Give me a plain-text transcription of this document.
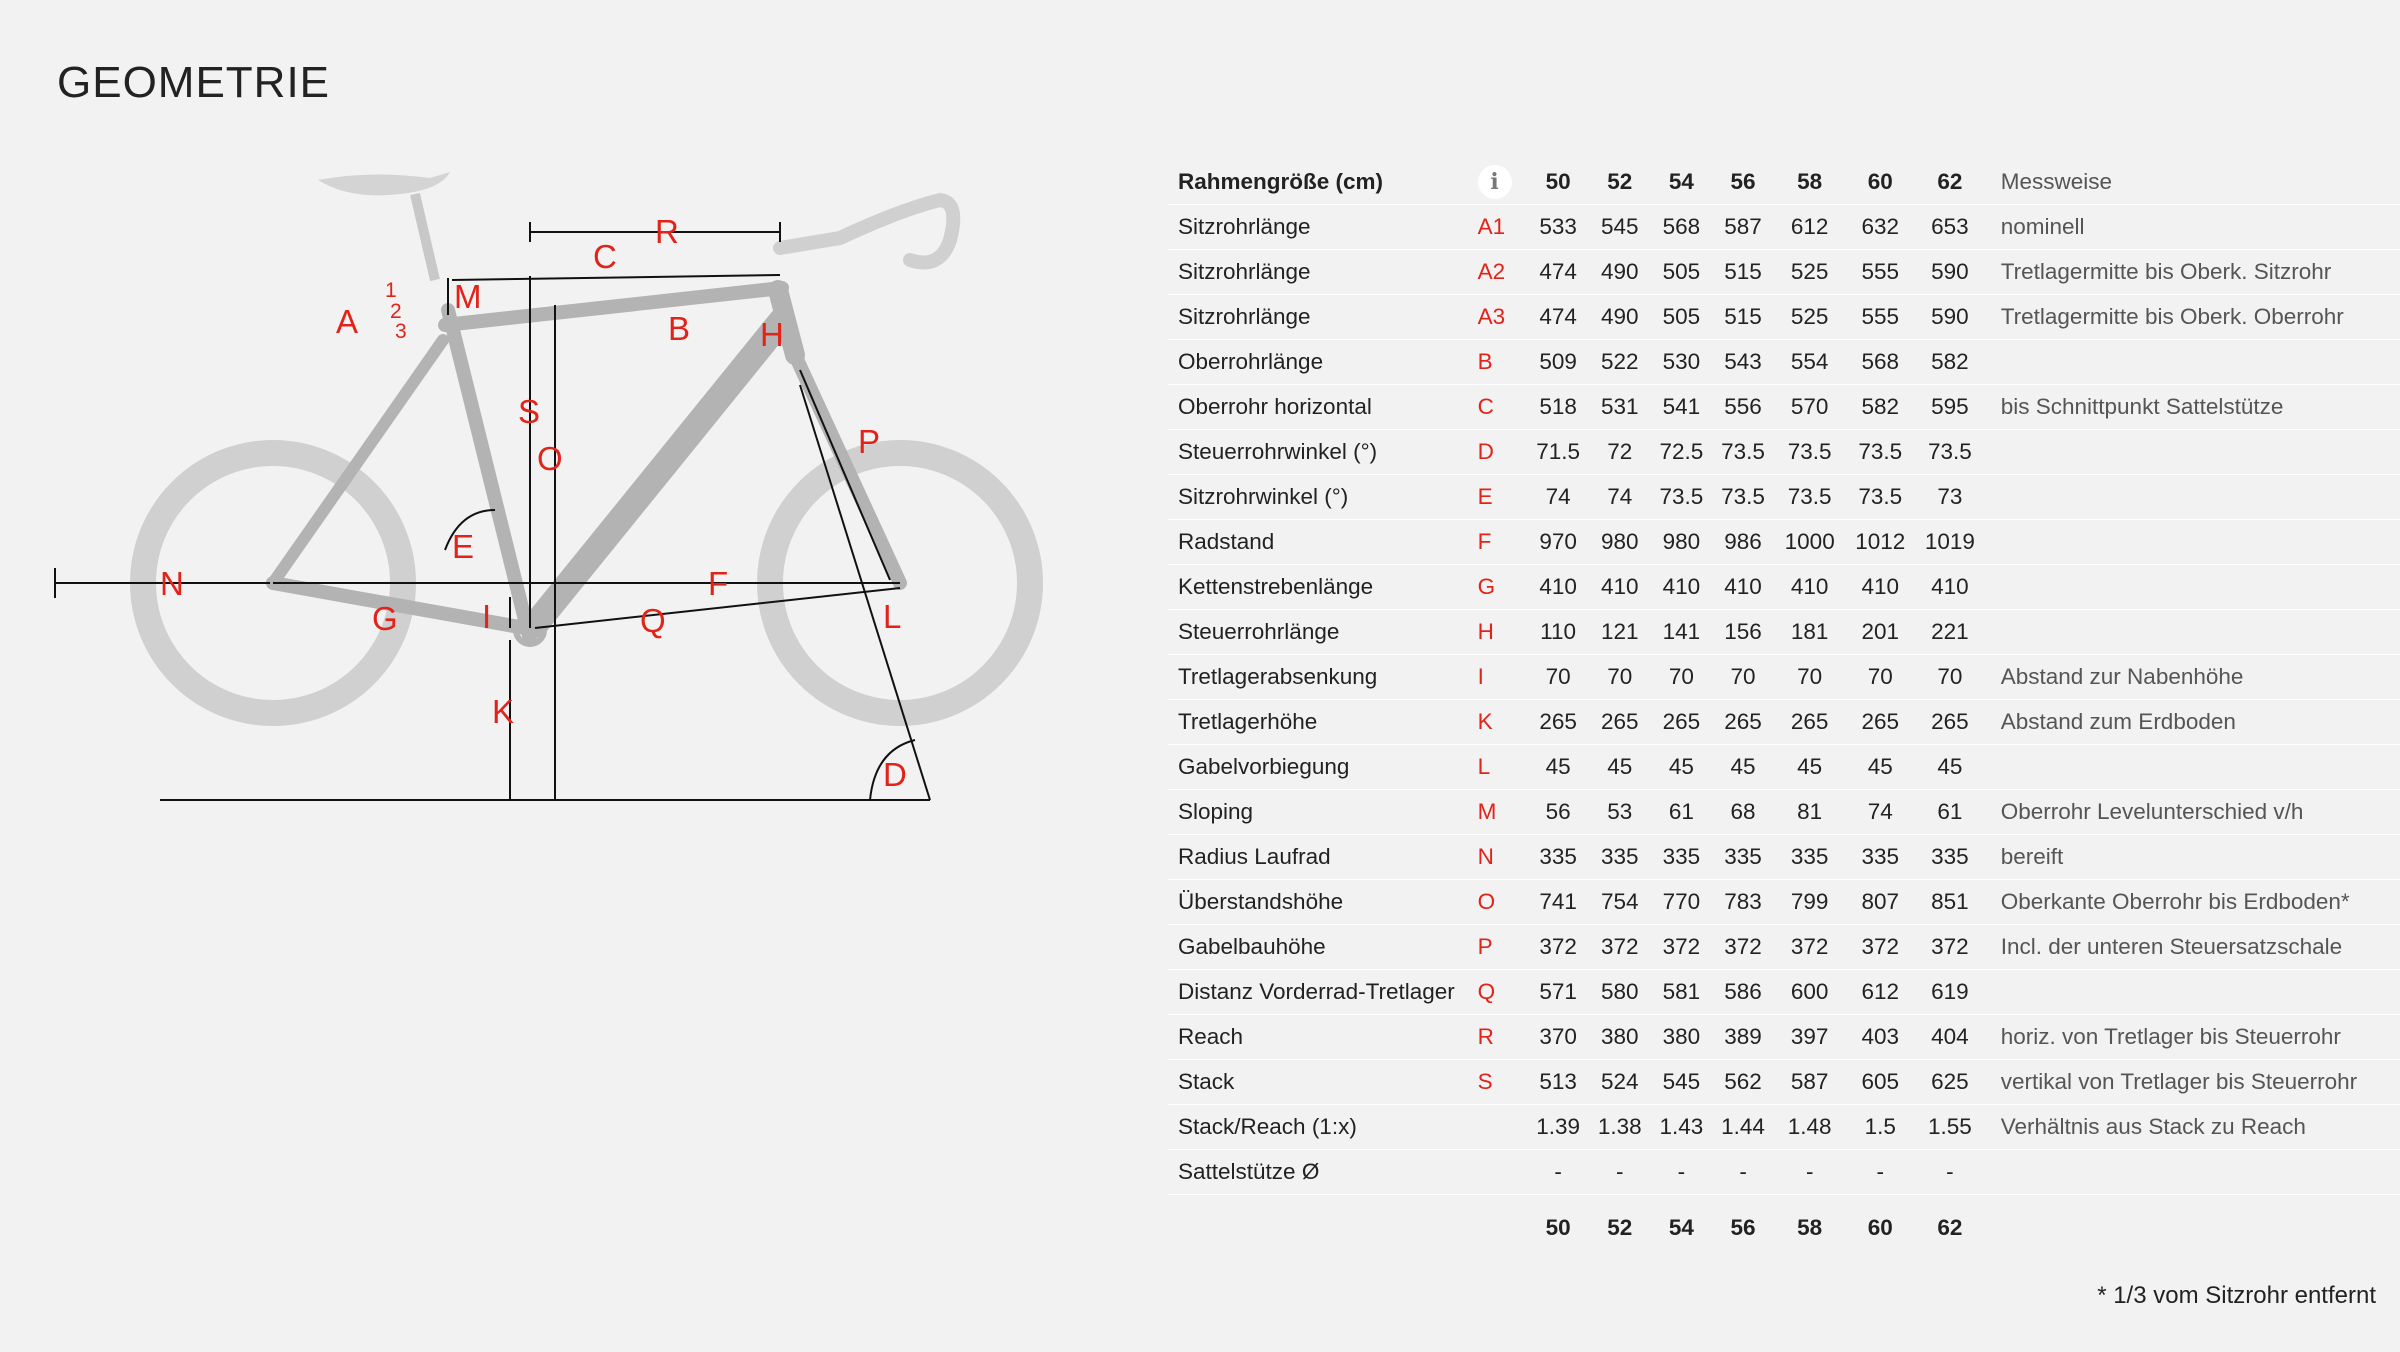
GEOMETRIE
A
1
2
3
M
C
R
B H
S
O	P
E
N	F
G	I	Q	L
K
D
Rahmengröße (cm)	i	50	52	54	56	58	60	62	Messweise
Sitzrohrlänge	A1	533	545	568	587	612	632	653	nominell
Sitzrohrlänge	A2	474	490	505	515	525	555	590	Tretlagermitte bis Oberk. Sitzrohr
Sitzrohrlänge	A3	474	490	505	515	525	555	590	Tretlagermitte bis Oberk. Oberrohr
Oberrohrlänge	B	509	522	530	543	554	568	582	
Oberrohr horizontal	C	518	531	541	556	570	582	595	bis Schnittpunkt Sattelstütze
Steuerrohrwinkel (°)	D	71.5	72	72.5	73.5	73.5	73.5	73.5	
Sitzrohrwinkel (°)	E	74	74	73.5	73.5	73.5	73.5	73	
Radstand	F	970	980	980	986	1000	1012	1019	
Kettenstrebenlänge	G	410	410	410	410	410	410	410	
Steuerrohrlänge	H	110	121	141	156	181	201	221	
Tretlagerabsenkung	I	70	70	70	70	70	70	70	Abstand zur Nabenhöhe
Tretlagerhöhe	K	265	265	265	265	265	265	265	Abstand zum Erdboden
Gabelvorbiegung	L	45	45	45	45	45	45	45	
Sloping	M	56	53	61	68	81	74	61	Oberrohr Levelunterschied v/h
Radius Laufrad	N	335	335	335	335	335	335	335	bereift
Überstandshöhe	O	741	754	770	783	799	807	851	Oberkante Oberrohr bis Erdboden*
Gabelbauhöhe	P	372	372	372	372	372	372	372	Incl. der unteren Steuersatzschale
Distanz Vorderrad-Tretlager	Q	571	580	581	586	600	612	619	
Reach	R	370	380	380	389	397	403	404	horiz. von Tretlager bis Steuerrohr
Stack	S	513	524	545	562	587	605	625	vertikal von Tretlager bis Steuerrohr
Stack/Reach (1:x)		1.39	1.38	1.43	1.44	1.48	1.5	1.55	Verhältnis aus Stack zu Reach
Sattelstütze Ø		-	-	-	-	-	-	-	
		50	52	54	56	58	60	62	
* 1/3 vom Sitzrohr entfernt
